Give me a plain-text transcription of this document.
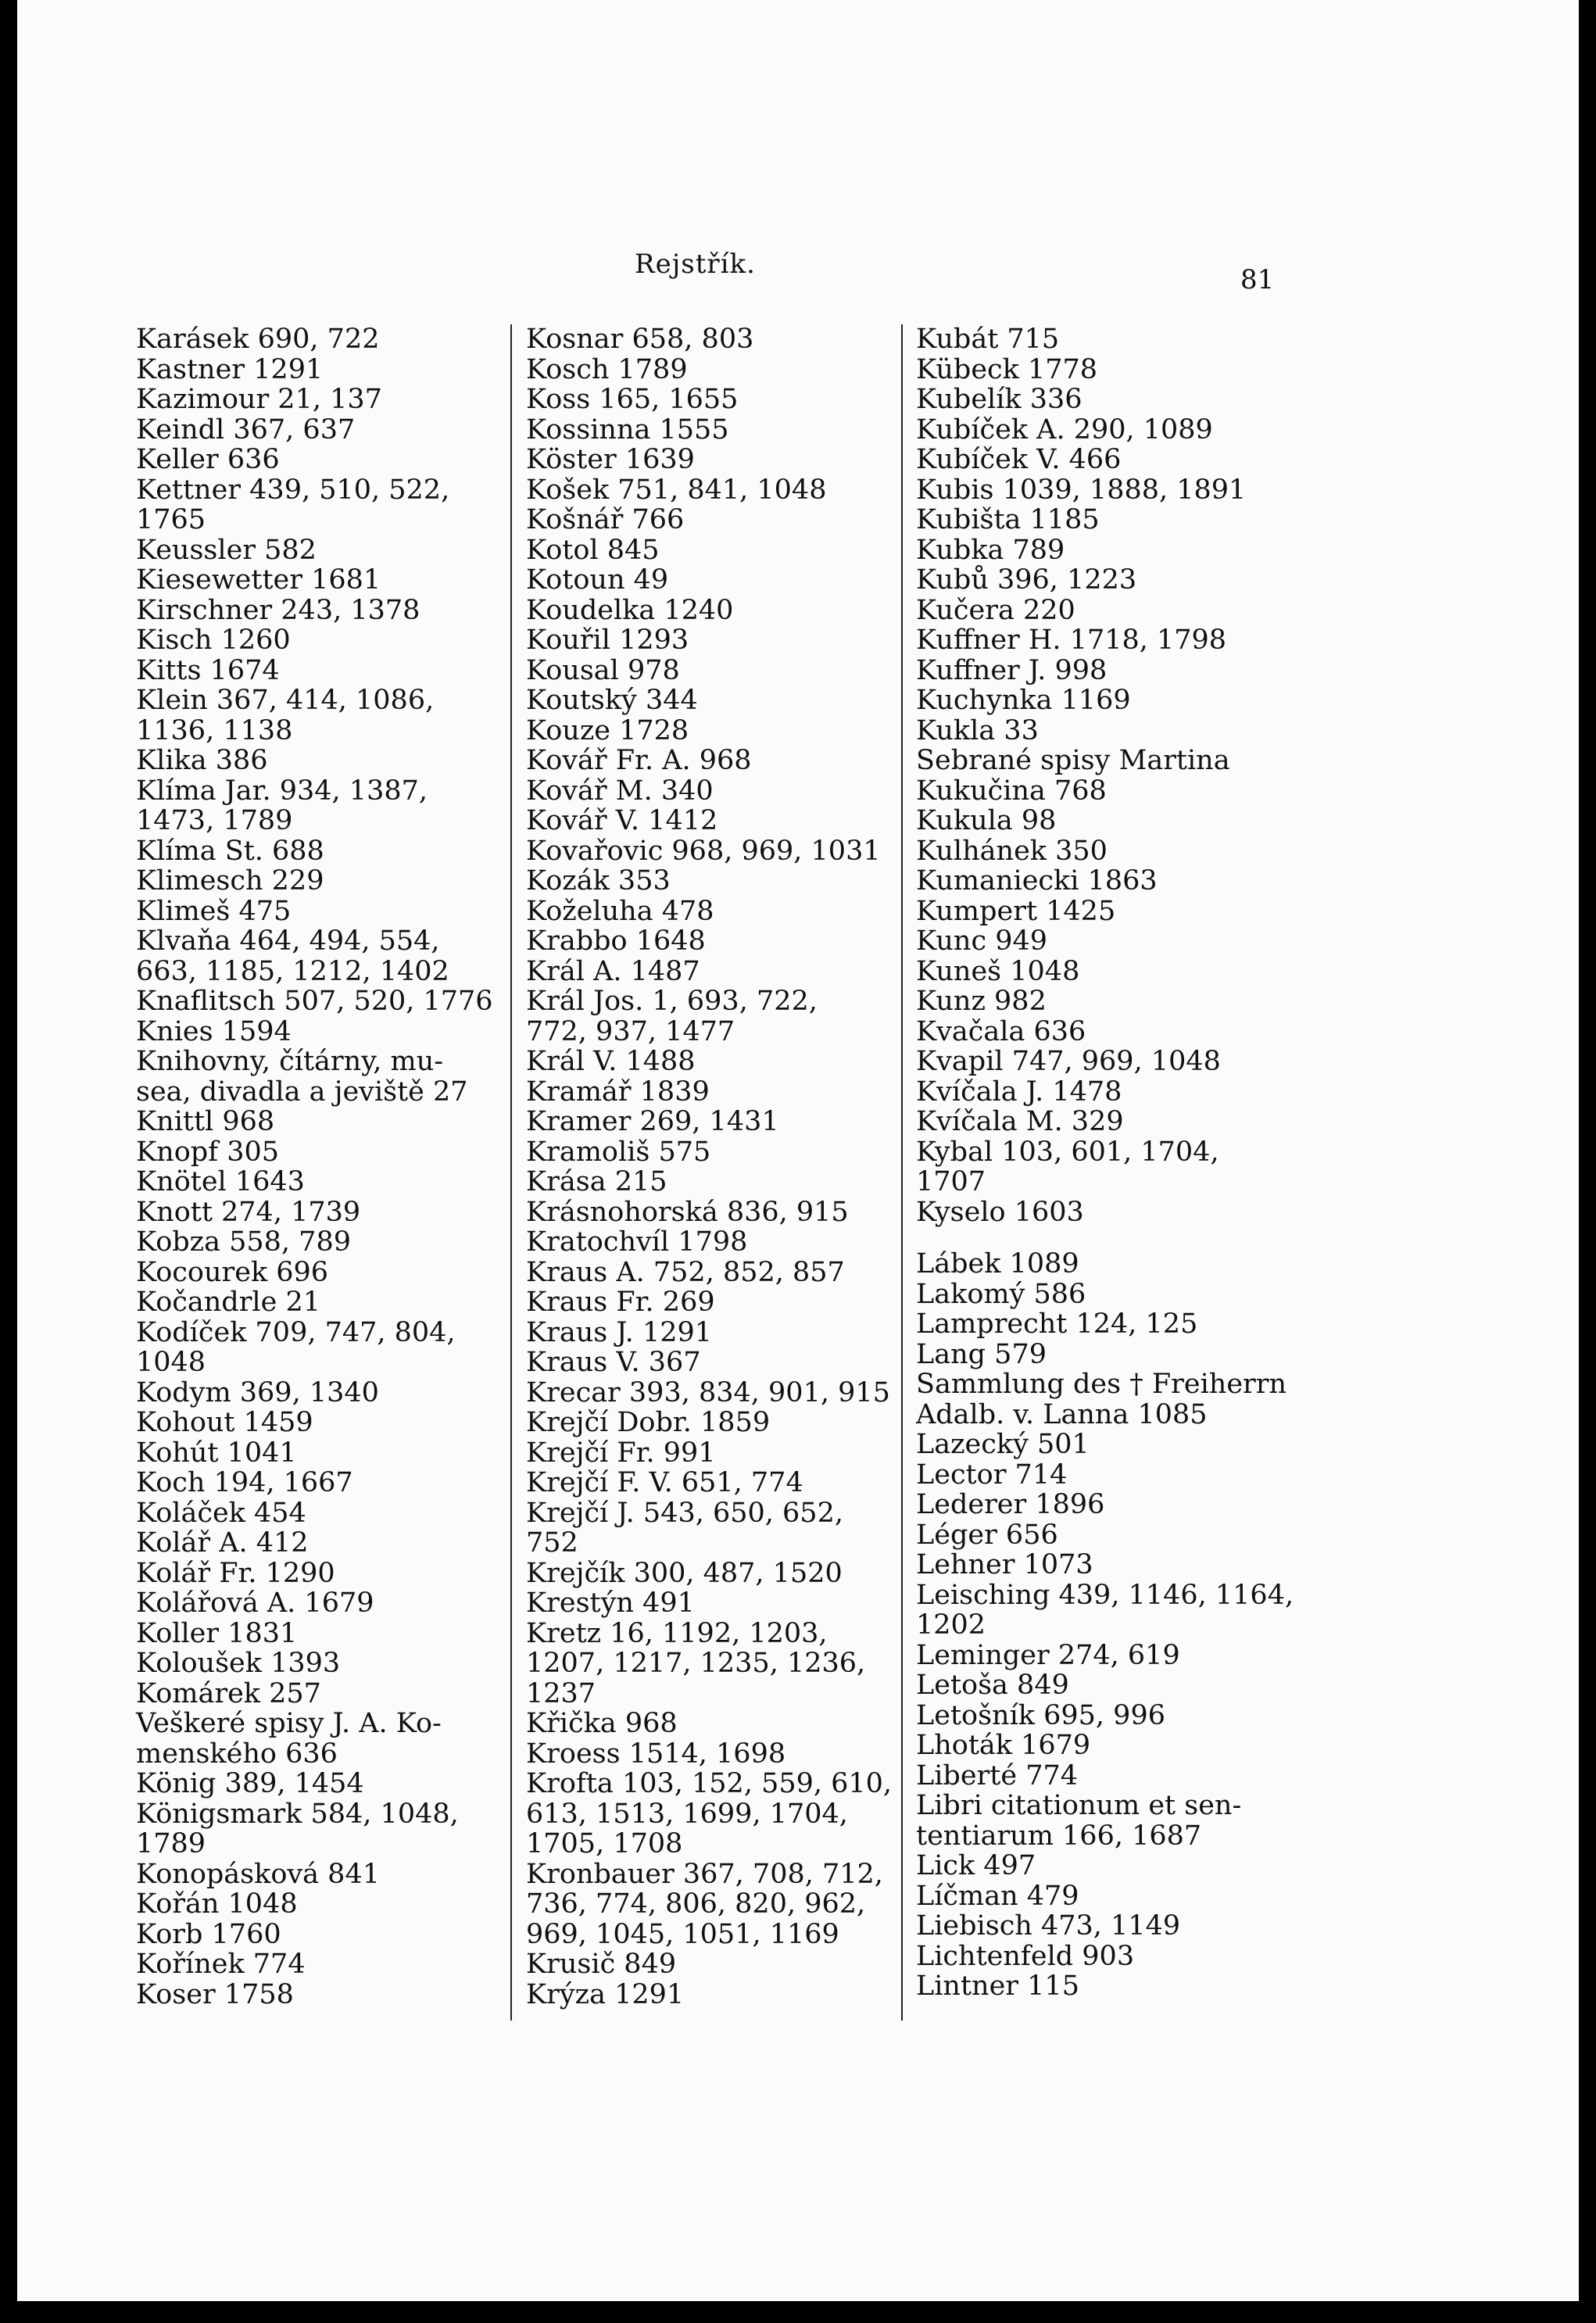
Rejstřík.	81
Karásek 690, 722
Kastner 1291
Kazimour 21, 137
Keindl 367, 637
Keller 636
Kettner 439, 510, 522,
1765
Keussler 582
Kiesewetter 1681
Kirschner 243, 1378
Kisch 1260
Kitts 1674
Klein 367, 414, 1086,
1136, 1138
Klika 386
Klíma Jar. 934, 1387,
1473, 1789
Klíma St. 688
Klimesch 229
Klimeš 475
Klvaňa 464, 494, 554,
663, 1185, 1212, 1402
Knaflitsch 507, 520, 1776
Knies 1594
Knihovny, čítárny, mu-
sea, divadla a jeviště 27
Knittl 968
Knopf 305
Knötel 1643
Knott 274, 1739
Kobza 558, 789
Kocourek 696
Kočandrle 21
Kodíček 709, 747, 804,
1048
Kodym 369, 1340
Kohout 1459
Kohút 1041
Koch 194, 1667
Koláček 454
Kolář A. 412
Kolář Fr. 1290
Kolářová A. 1679
Koller 1831
Koloušek 1393
Komárek 257
Veškeré spisy J. A. Ko-
menského 636
König 389, 1454
Königsmark 584, 1048,
1789
Konopásková 841
Kořán 1048
Korb 1760
Kořínek 774
Koser 1758
Kosnar 658, 803
Kosch 1789
Koss 165, 1655
Kossinna 1555
Köster 1639
Košek 751, 841, 1048
Košnář 766
Kotol 845
Kotoun 49
Koudelka 1240
Kouřil 1293
Kousal 978
Koutský 344
Kouze 1728
Kovář Fr. A. 968
Kovář M. 340
Kovář V. 1412
Kovařovic 968, 969, 1031
Kozák 353
Koželuha 478
Krabbo 1648
Král A. 1487
Král Jos. 1, 693, 722,
772, 937, 1477
Král V. 1488
Kramář 1839
Kramer 269, 1431
Kramoliš 575
Krása 215
Krásnohorská 836, 915
Kratochvíl 1798
Kraus A. 752, 852, 857
Kraus Fr. 269
Kraus J. 1291
Kraus V. 367
Krecar 393, 834, 901, 915
Krejčí Dobr. 1859
Krejčí Fr. 991
Krejčí F. V. 651, 774
Krejčí J. 543, 650, 652,
752
Krejčík 300, 487, 1520
Krestýn 491
Kretz 16, 1192, 1203,
1207, 1217, 1235, 1236,
1237
Křička 968
Kroess 1514, 1698
Krofta 103, 152, 559, 610,
613, 1513, 1699, 1704,
1705, 1708
Kronbauer 367, 708, 712,
736, 774, 806, 820, 962,
969, 1045, 1051, 1169
Krusič 849
Krýza 1291
Kubát 715
Kübeck 1778
Kubelík 336
Kubíček A. 290, 1089
Kubíček V. 466
Kubis 1039, 1888, 1891
Kubišta 1185
Kubka 789
Kubů 396, 1223
Kučera 220
Kuffner H. 1718, 1798
Kuffner J. 998
Kuchynka 1169
Kukla 33
Sebrané spisy Martina
Kukučina 768
Kukula 98
Kulhánek 350
Kumaniecki 1863
Kumpert 1425
Kunc 949
Kuneš 1048
Kunz 982
Kvačala 636
Kvapil 747, 969, 1048
Kvíčala J. 1478
Kvíčala M. 329
Kybal 103, 601, 1704,
1707
Kyselo 1603
Lábek 1089
Lakomý 586
Lamprecht 124, 125
Lang 579
Sammlung des † Freiherrn
Adalb. v. Lanna 1085
Lazecký 501
Lector 714
Lederer 1896
Léger 656
Lehner 1073
Leisching 439, 1146, 1164,
1202
Leminger 274, 619
Letoša 849
Letošník 695, 996
Lhoták 1679
Liberté 774
Libri citationum et sen-
tentiarum 166, 1687
Lick 497
Líčman 479
Liebisch 473, 1149
Lichtenfeld 903
Lintner 115
